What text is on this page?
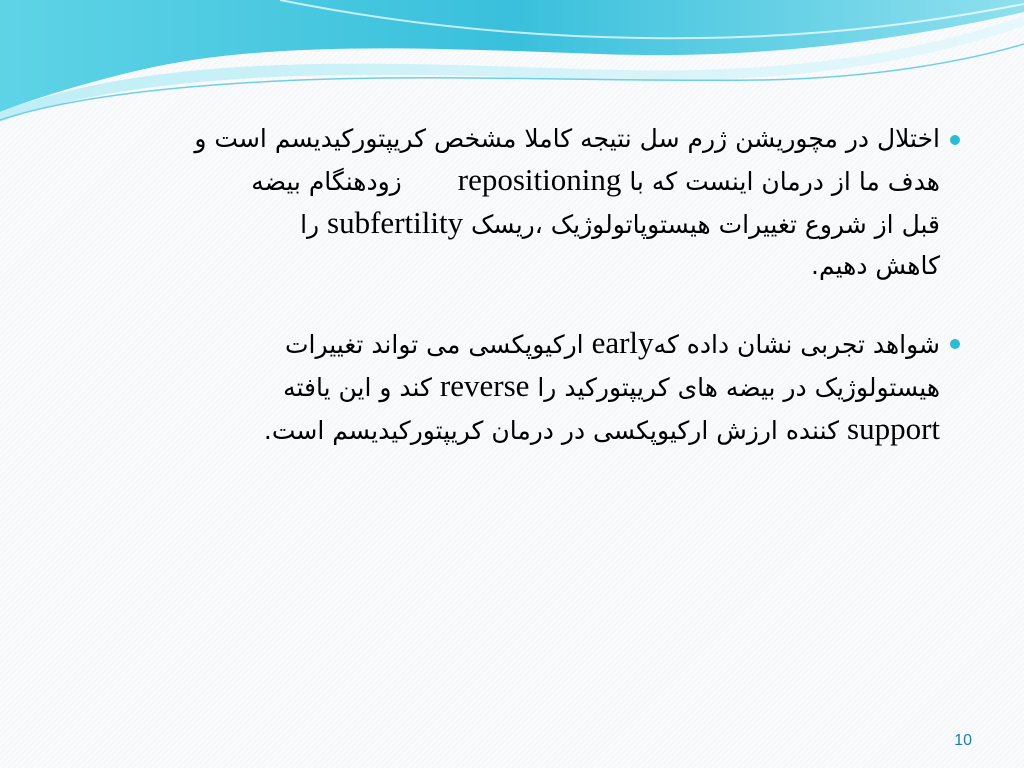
اختلال در مچوریشن ژرم سل نتیجه کاملا مشخص کریپتورکیدیسم است و
هدف ما از درمان اینست که با repositioningزودهنگام بیضه
قبل از شروع تغییرات هیستوپاتولوژیک ،ریسک subfertility را
کاهش دهیم.

شواهد تجربی نشان داده کهearly ارکیوپکسی می تواند تغییرات
هیستولوژیک در بیضه های کریپتورکید را reverse کند و این یافته
support کننده ارزش ارکیوپکسی در درمان کریپتورکیدیسم است.

10
